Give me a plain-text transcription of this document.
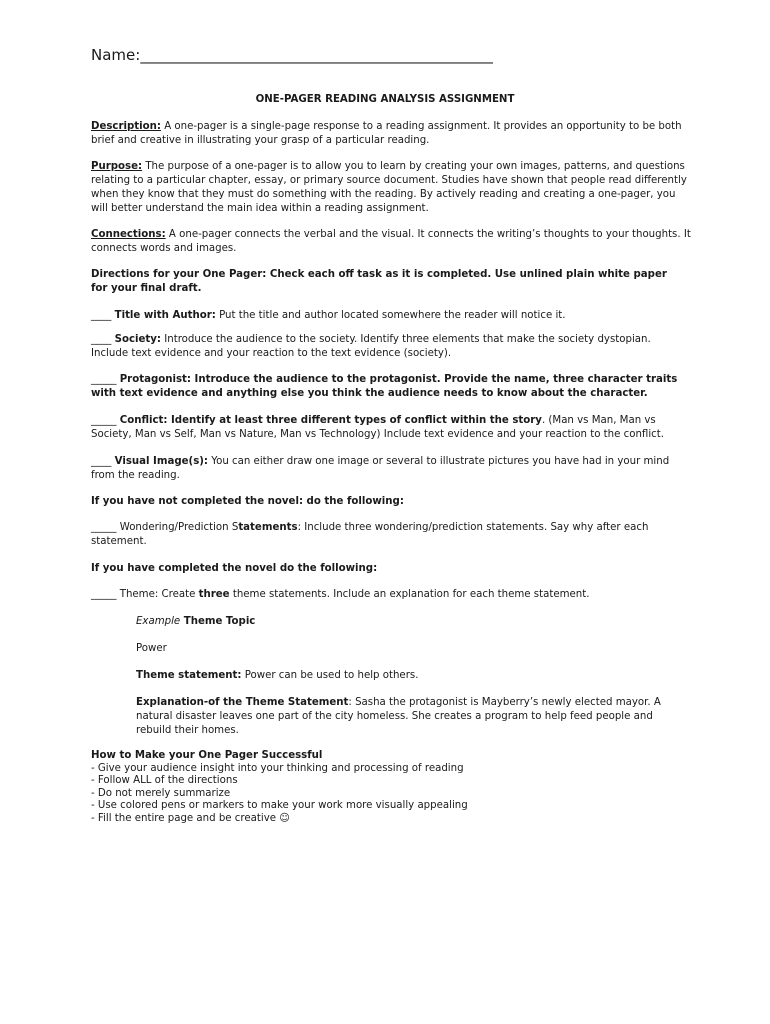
Name:_______________________________________________
ONE-PAGER READING ANALYSIS ASSIGNMENT

Description: A one-pager is a single-page response to a reading assignment. It provides an opportunity to be both brief and creative in illustrating your grasp of a particular reading.

Purpose: The purpose of a one-pager is to allow you to learn by creating your own images, patterns, and questions relating to a particular chapter, essay, or primary source document. Studies have shown that people read differently when they know that they must do something with the reading. By actively reading and creating a one-pager, you will better understand the main idea within a reading assignment.

Connections: A one-pager connects the verbal and the visual. It connects the writing’s thoughts to your thoughts. It connects words and images.

Directions for your One Pager: Check each off task as it is completed. Use unlined plain white paper for your final draft.

____ Title with Author: Put the title and author located somewhere the reader will notice it.

____ Society: Introduce the audience to the society. Identify three elements that make the society dystopian. Include text evidence and your reaction to the text evidence (society).

_____ Protagonist: Introduce the audience to the protagonist. Provide the name, three character traits with text evidence and anything else you think the audience needs to know about the character.

_____ Conflict: Identify at least three different types of conflict within the story. (Man vs Man, Man vs Society, Man vs Self, Man vs Nature, Man vs Technology) Include text evidence and your reaction to the conflict.

____ Visual Image(s): You can either draw one image or several to illustrate pictures you have had in your mind from the reading.

If you have not completed the novel: do the following:

_____ Wondering/Prediction Statements: Include three wondering/prediction statements. Say why after each statement.

If you have completed the novel do the following:

_____ Theme: Create three theme statements. Include an explanation for each theme statement.

Example Theme Topic

Power

Theme statement: Power can be used to help others.

Explanation-of the Theme Statement: Sasha the protagonist is Mayberry’s newly elected mayor. A natural disaster leaves one part of the city homeless. She creates a program to help feed people and rebuild their homes.

How to Make your One Pager Successful
- Give your audience insight into your thinking and processing of reading
- Follow ALL of the directions
- Do not merely summarize
- Use colored pens or markers to make your work more visually appealing
- Fill the entire page and be creative ☺
